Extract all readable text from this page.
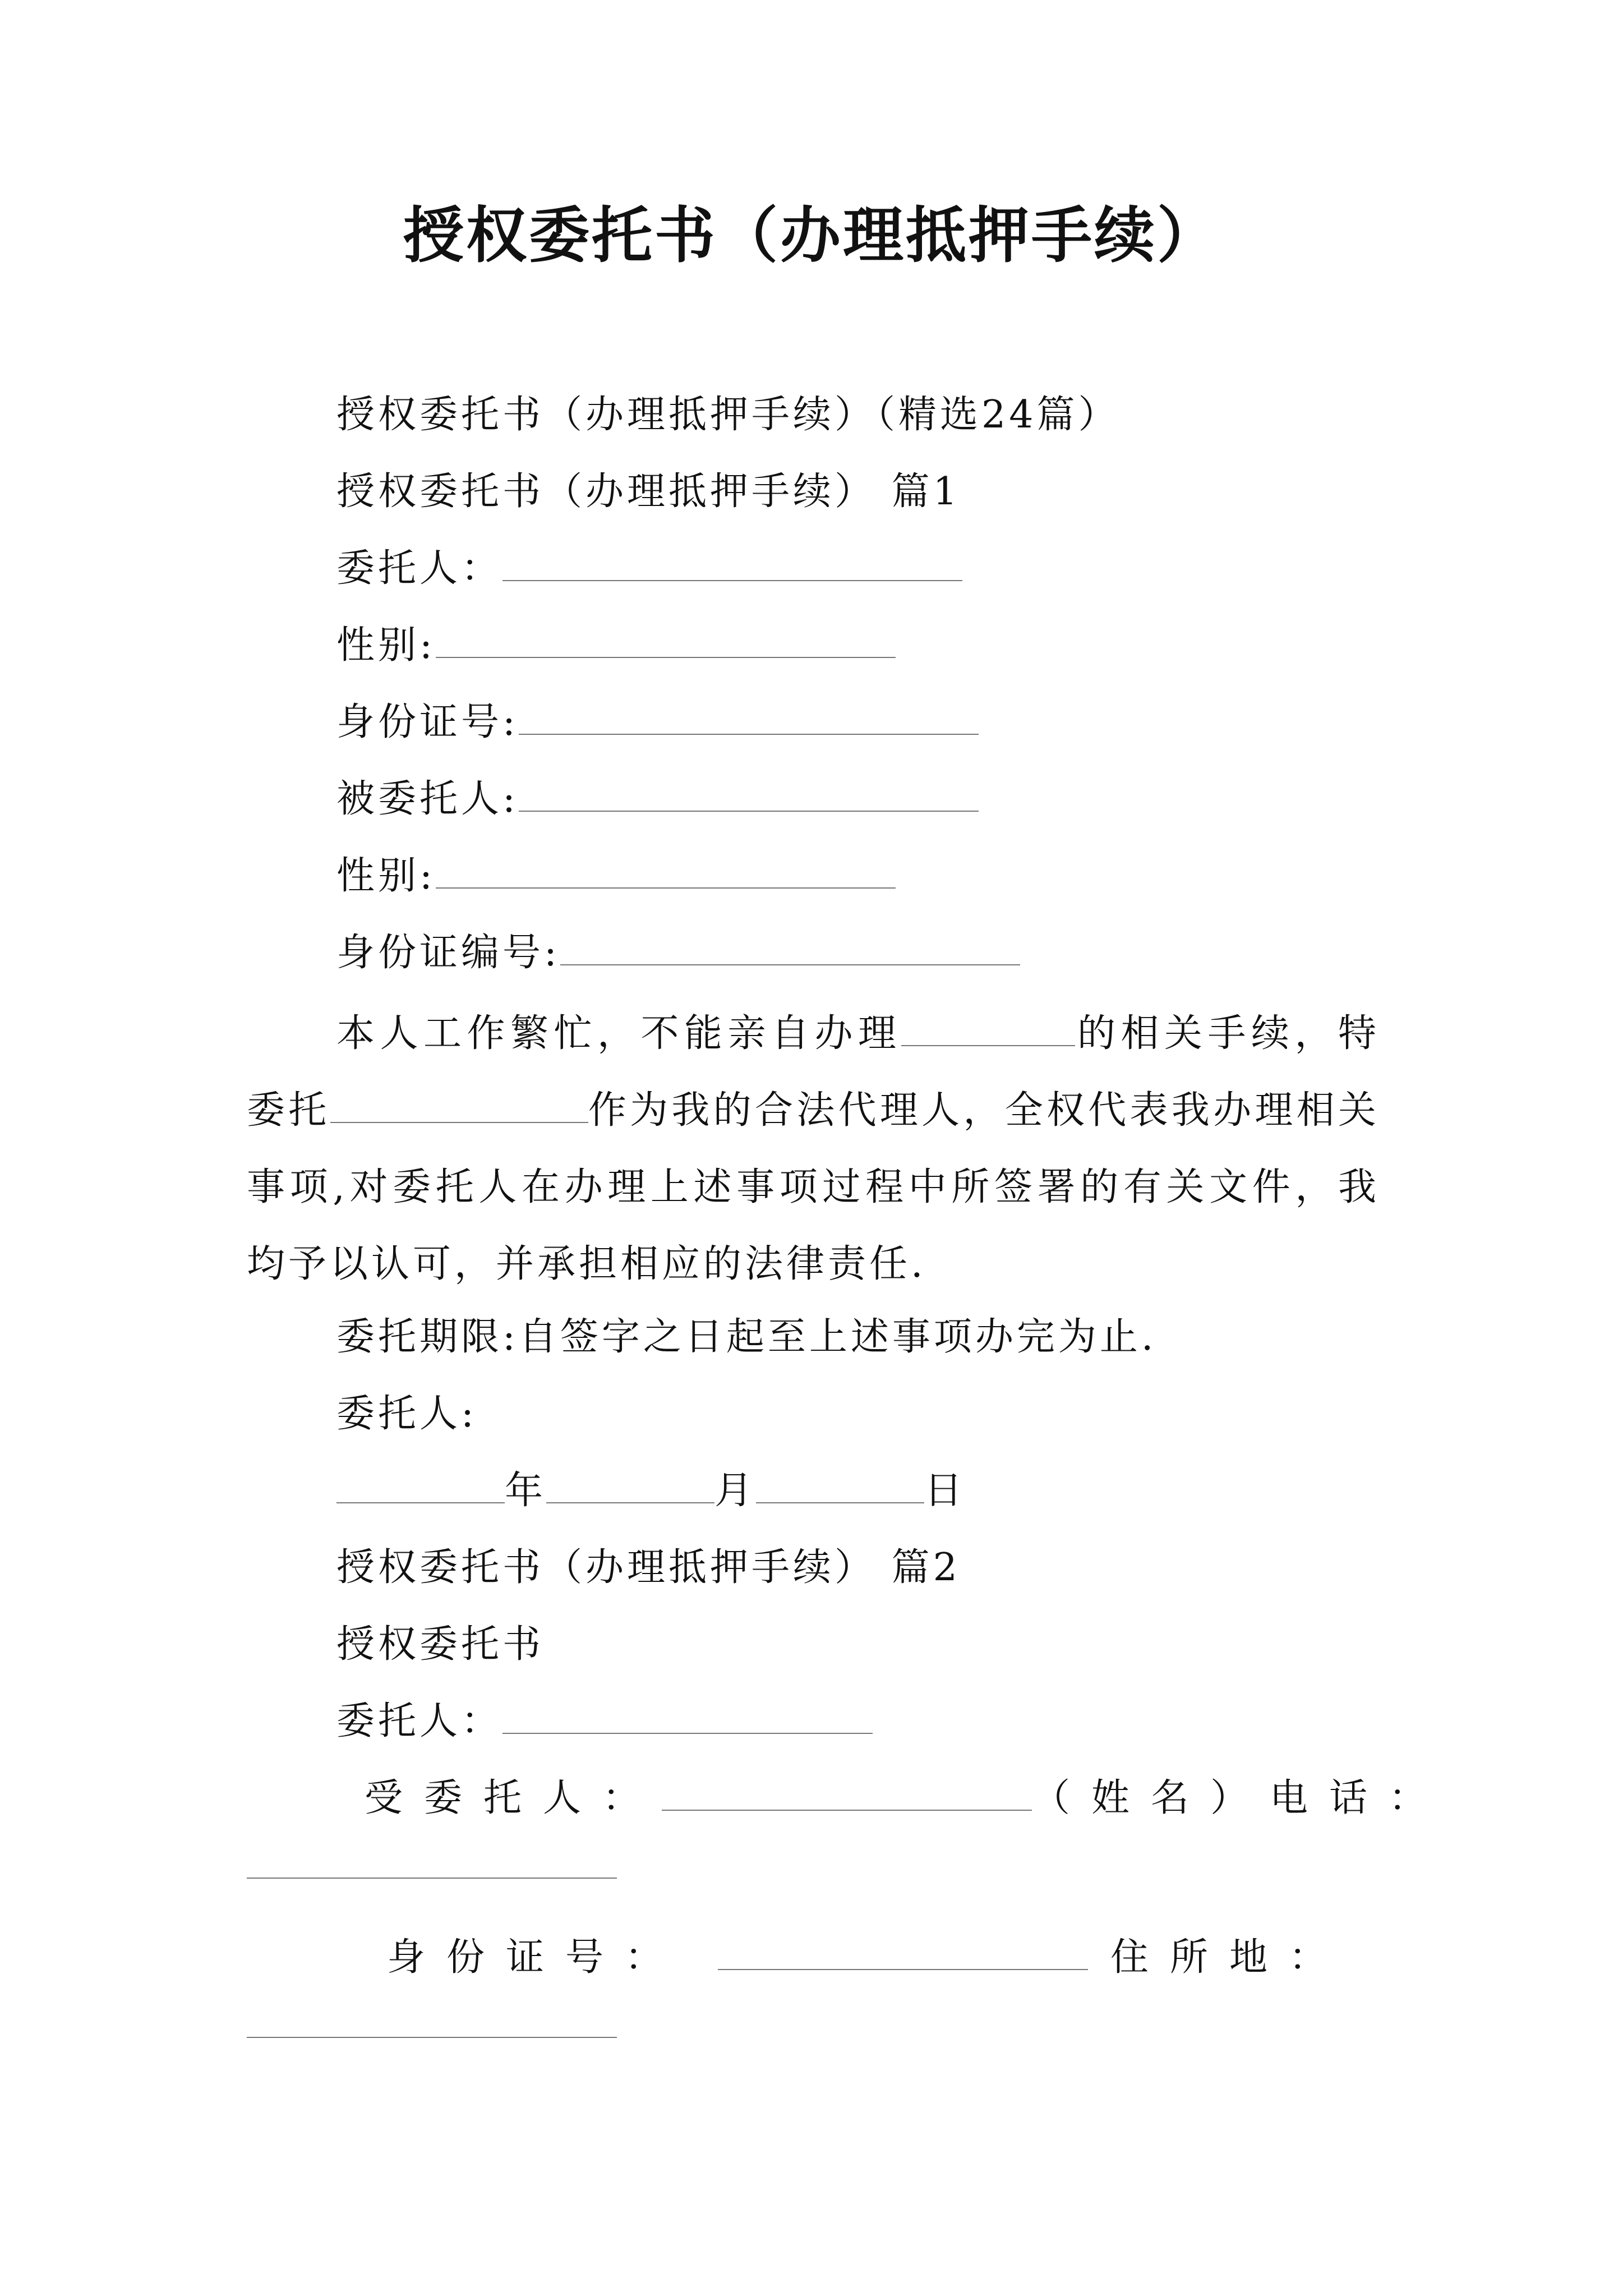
授权委托书（办理抵押手续）
授权委托书（办理抵押手续）（精选24篇）
授权委托书（办理抵押手续） 篇1
委托人：
性别:
身份证号:
被委托人:
性别:
身份证编号:
本人工作繁忙，不能亲自办理	的相关手续，特委托	作为我的合法代理人，全权代表我办理相关事项,对委托人在办理上述事项过程中所签署的有关文件，我均予以认可，并承担相应的法律责任.
委托期限:自签字之日起至上述事项办完为止.
委托人:
年	月	日
授权委托书（办理抵押手续） 篇2
授权委托书
委托人：
受委托人：	（姓名）电话：
身份证号：	住所地：
